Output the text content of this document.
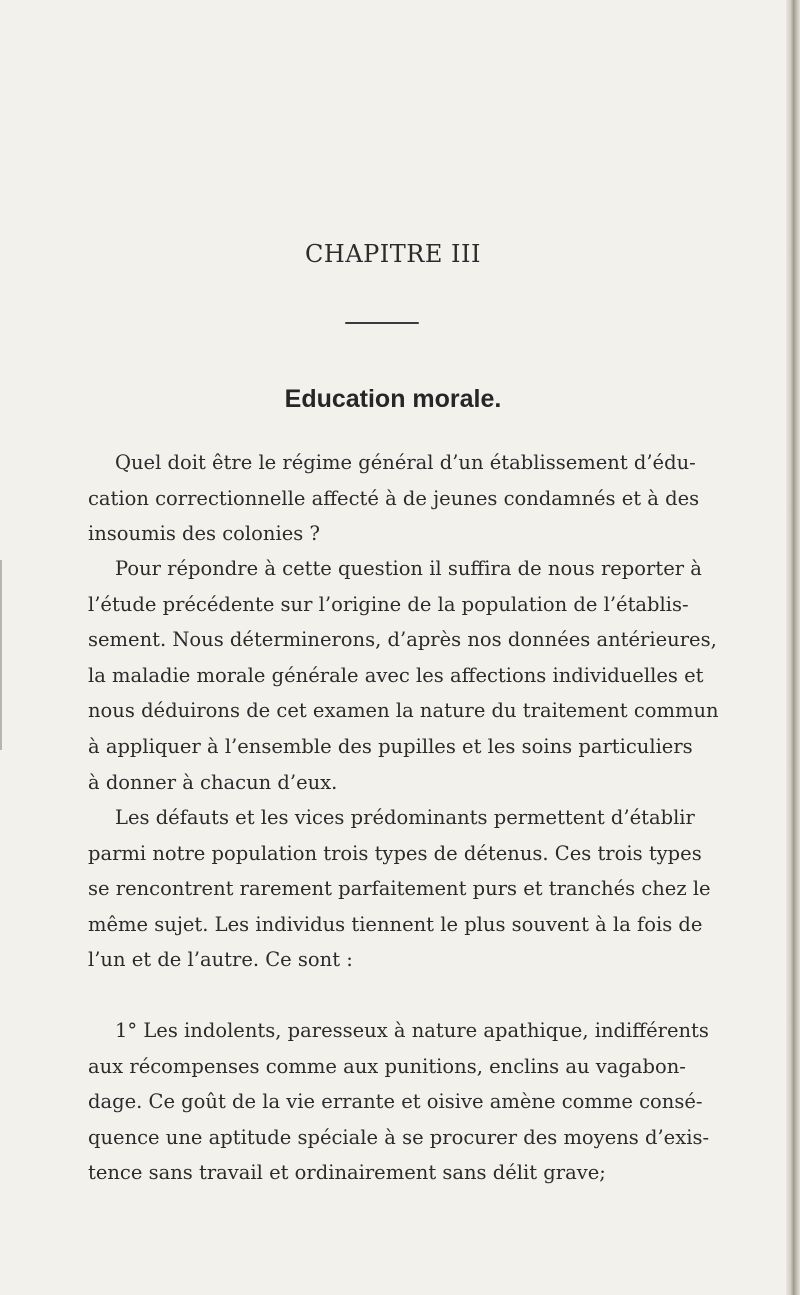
CHAPITRE III
Education morale.

Quel doit être le régime général d’un établissement d’édu-
cation correctionnelle affecté à de jeunes condamnés et à des
insoumis des colonies ?

Pour répondre à cette question il suffira de nous reporter à
l’étude précédente sur l’origine de la population de l’établis-
sement. Nous déterminerons, d’après nos données antérieures,
la maladie morale générale avec les affections individuelles et
nous déduirons de cet examen la nature du traitement commun
à appliquer à l’ensemble des pupilles et les soins particuliers
à donner à chacun d’eux.

Les défauts et les vices prédominants permettent d’établir
parmi notre population trois types de détenus. Ces trois types
se rencontrent rarement parfaitement purs et tranchés chez le
même sujet. Les individus tiennent le plus souvent à la fois de
l’un et de l’autre. Ce sont :

1° Les indolents, paresseux à nature apathique, indifférents
aux récompenses comme aux punitions, enclins au vagabon-
dage. Ce goût de la vie errante et oisive amène comme consé-
quence une aptitude spéciale à se procurer des moyens d’exis-
tence sans travail et ordinairement sans délit grave;
